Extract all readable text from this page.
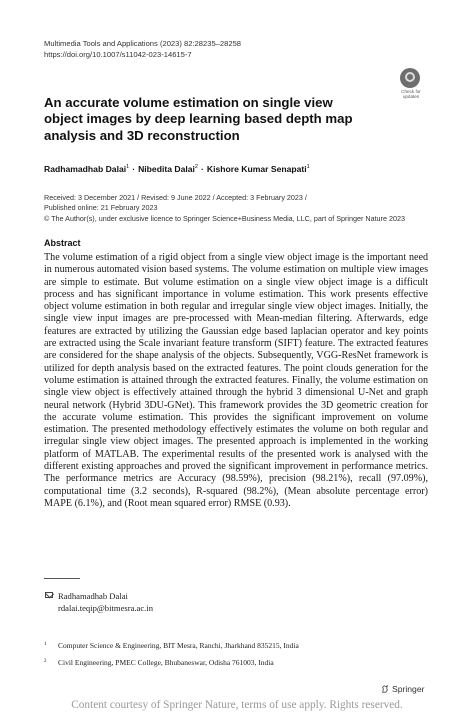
Multimedia Tools and Applications (2023) 82:28235–28258
https://doi.org/10.1007/s11042-023-14615-7
Check for
updates
An accurate volume estimation on single view object images by deep learning based depth map analysis and 3D reconstruction
Radhamadhab Dalai$^1$ · Nibedita Dalai$^2$ · Kishore Kumar Senapati$^1$
Received: 3 December 2021 / Revised: 9 June 2022 / Accepted: 3 February 2023 /
Published online: 21 February 2023
© The Author(s), under exclusive licence to Springer Science+Business Media, LLC, part of Springer Nature 2023
Abstract
The volume estimation of a rigid object from a single view object image is the important need in numerous automated vision based systems. The volume estimation on multiple view images are simple to estimate. But volume estimation on a single view object image is a difficult process and has significant importance in volume estimation. This work presents effective object volume estimation in both regular and irregular single view object images. Initially, the single view input images are pre-processed with Mean-median filtering. Afterwards, edge features are extracted by utilizing the Gaussian edge based laplacian operator and key points are extracted using the Scale invariant feature transform (SIFT) feature. The extracted features are considered for the shape analysis of the objects. Subsequently, VGG-ResNet framework is utilized for depth analysis based on the extracted features. The point clouds generation for the volume estimation is attained through the extracted features. Finally, the volume estimation on single view object is effectively attained through the hybrid 3 dimensional U-Net and graph neural network (Hybrid 3DU-GNet). This framework provides the 3D geometric creation for the accurate volume estimation. This provides the significant improvement on volume estimation. The presented methodology effectively estimates the volume on both regular and irregular single view object images. The presented approach is implemented in the working platform of MATLAB. The experimental results of the presented work is analysed with the different existing approaches and proved the significant improvement in performance metrics. The performance metrics are Accuracy (98.59%), precision (98.21%), recall (97.09%), computational time (3.2 seconds), R-squared (98.2%), (Mean absolute percentage error) MAPE (6.1%), and (Root mean squared error) RMSE (0.93).
Radhamadhab Dalai
rdalai.teqip@bitmesra.ac.in
$^1$ Computer Science & Engineering, BIT Mesra, Ranchi, Jharkhand 835215, India
$^2$ Civil Engineering, PMEC College, Bhubaneswar, Odisha 761003, India
Springer
Content courtesy of Springer Nature, terms of use apply. Rights reserved.
